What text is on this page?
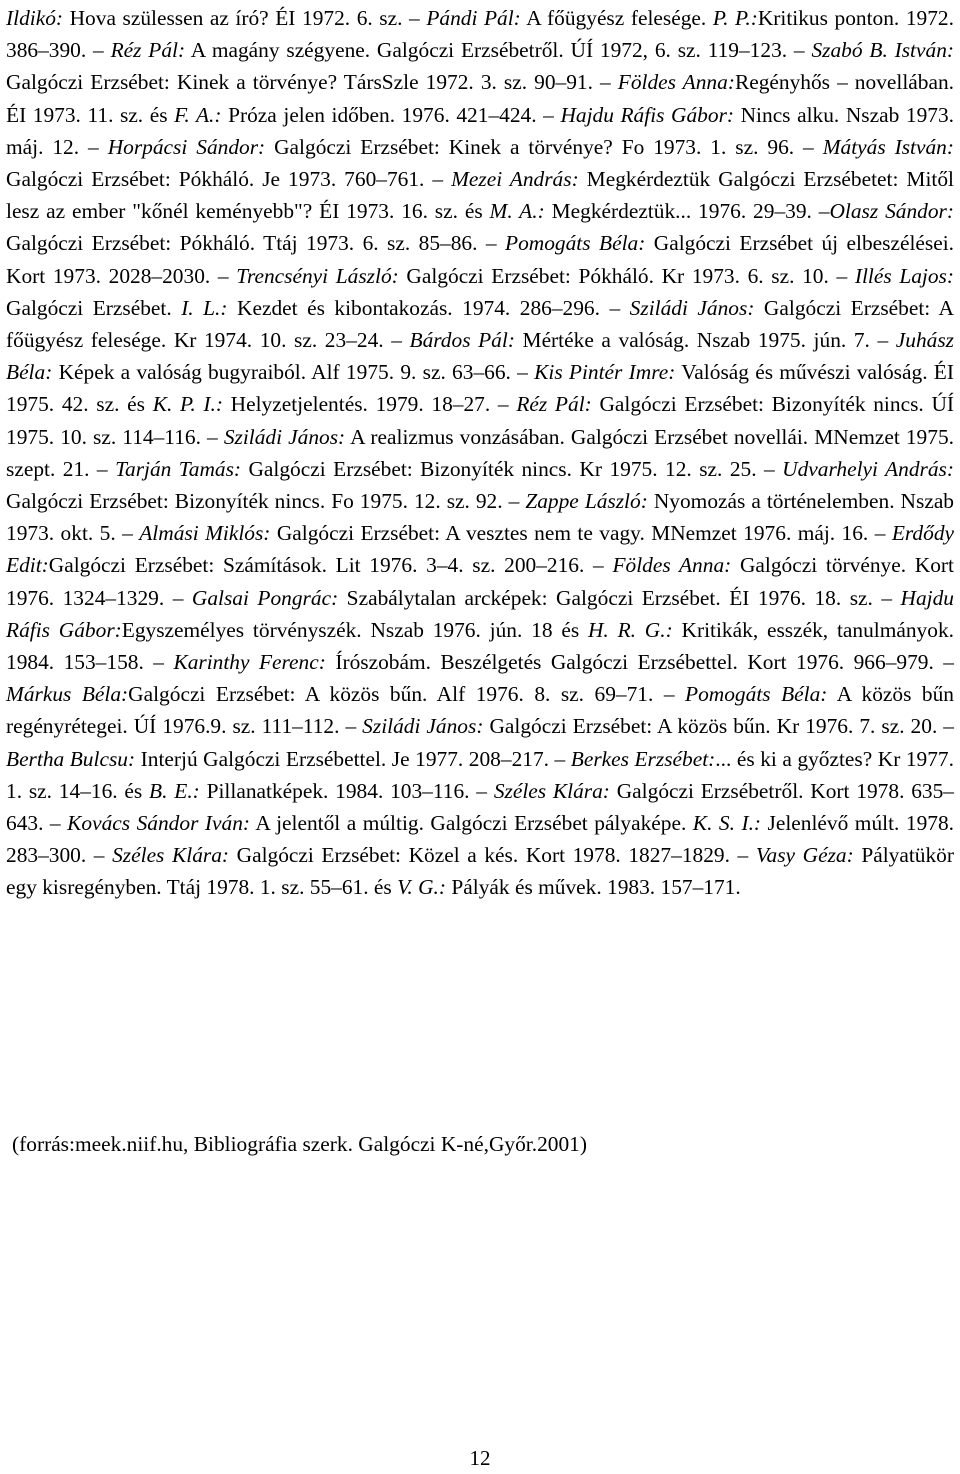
Ildikó: Hova szülessen az író? ÉI 1972. 6. sz. – Pándi Pál: A főügyész felesége. P. P.:Kritikus ponton. 1972. 386–390. – Réz Pál: A magány szégyene. Galgóczi Erzsébetről. ÚÍ 1972, 6. sz. 119–123. – Szabó B. István: Galgóczi Erzsébet: Kinek a törvénye? TársSzle 1972. 3. sz. 90–91. – Földes Anna:Regényhős – novellában. ÉI 1973. 11. sz. és F. A.: Próza jelen időben. 1976. 421–424. – Hajdu Ráfis Gábor: Nincs alku. Nszab 1973. máj. 12. – Horpácsi Sándor: Galgóczi Erzsébet: Kinek a törvénye? Fo 1973. 1. sz. 96. – Mátyás István: Galgóczi Erzsébet: Pókháló. Je 1973. 760–761. – Mezei András: Megkérdeztük Galgóczi Erzsébetet: Mitől lesz az ember "kőnél keményebb"? ÉI 1973. 16. sz. és M. A.: Megkérdeztük... 1976. 29–39. –Olasz Sándor: Galgóczi Erzsébet: Pókháló. Ttáj 1973. 6. sz. 85–86. – Pomogáts Béla: Galgóczi Erzsébet új elbeszélései. Kort 1973. 2028–2030. – Trencsényi László: Galgóczi Erzsébet: Pókháló. Kr 1973. 6. sz. 10. – Illés Lajos: Galgóczi Erzsébet. I. L.: Kezdet és kibontakozás. 1974. 286–296. – Sziládi János: Galgóczi Erzsébet: A főügyész felesége. Kr 1974. 10. sz. 23–24. – Bárdos Pál: Mértéke a valóság. Nszab 1975. jún. 7. – Juhász Béla: Képek a valóság bugyraiból. Alf 1975. 9. sz. 63–66. – Kis Pintér Imre: Valóság és művészi valóság. ÉI 1975. 42. sz. és K. P. I.: Helyzetjelentés. 1979. 18–27. – Réz Pál: Galgóczi Erzsébet: Bizonyíték nincs. ÚÍ 1975. 10. sz. 114–116. – Sziládi János: A realizmus vonzásában. Galgóczi Erzsébet novellái. MNemzet 1975. szept. 21. – Tarján Tamás: Galgóczi Erzsébet: Bizonyíték nincs. Kr 1975. 12. sz. 25. – Udvarhelyi András: Galgóczi Erzsébet: Bizonyíték nincs. Fo 1975. 12. sz. 92. – Zappe László: Nyomozás a történelemben. Nszab 1973. okt. 5. – Almási Miklós: Galgóczi Erzsébet: A vesztes nem te vagy. MNemzet 1976. máj. 16. – Erdődy Edit:Galgóczi Erzsébet: Számítások. Lit 1976. 3–4. sz. 200–216. – Földes Anna: Galgóczi törvénye. Kort 1976. 1324–1329. – Galsai Pongrác: Szabálytalan arcképek: Galgóczi Erzsébet. ÉI 1976. 18. sz. – Hajdu Ráfis Gábor:Egyszemélyes törvényszék. Nszab 1976. jún. 18 és H. R. G.: Kritikák, esszék, tanulmányok. 1984. 153–158. – Karinthy Ferenc: Írószobám. Beszélgetés Galgóczi Erzsébettel. Kort 1976. 966–979. – Márkus Béla:Galgóczi Erzsébet: A közös bűn. Alf 1976. 8. sz. 69–71. – Pomogáts Béla: A közös bűn regényrétegei. ÚÍ 1976.9. sz. 111–112. – Sziládi János: Galgóczi Erzsébet: A közös bűn. Kr 1976. 7. sz. 20. – Bertha Bulcsu: Interjú Galgóczi Erzsébettel. Je 1977. 208–217. – Berkes Erzsébet:... és ki a győztes? Kr 1977. 1. sz. 14–16. és B. E.: Pillanatképek. 1984. 103–116. – Széles Klára: Galgóczi Erzsébetről. Kort 1978. 635–643. – Kovács Sándor Iván: A jelentől a múltig. Galgóczi Erzsébet pályaképe. K. S. I.: Jelenlévő múlt. 1978. 283–300. – Széles Klára: Galgóczi Erzsébet: Közel a kés. Kort 1978. 1827–1829. – Vasy Géza: Pályatükör egy kisregényben. Ttáj 1978. 1. sz. 55–61. és V. G.: Pályák és művek. 1983. 157–171.

(forrás:meek.niif.hu, Bibliográfia szerk. Galgóczi K-né,Győr.2001)

12
